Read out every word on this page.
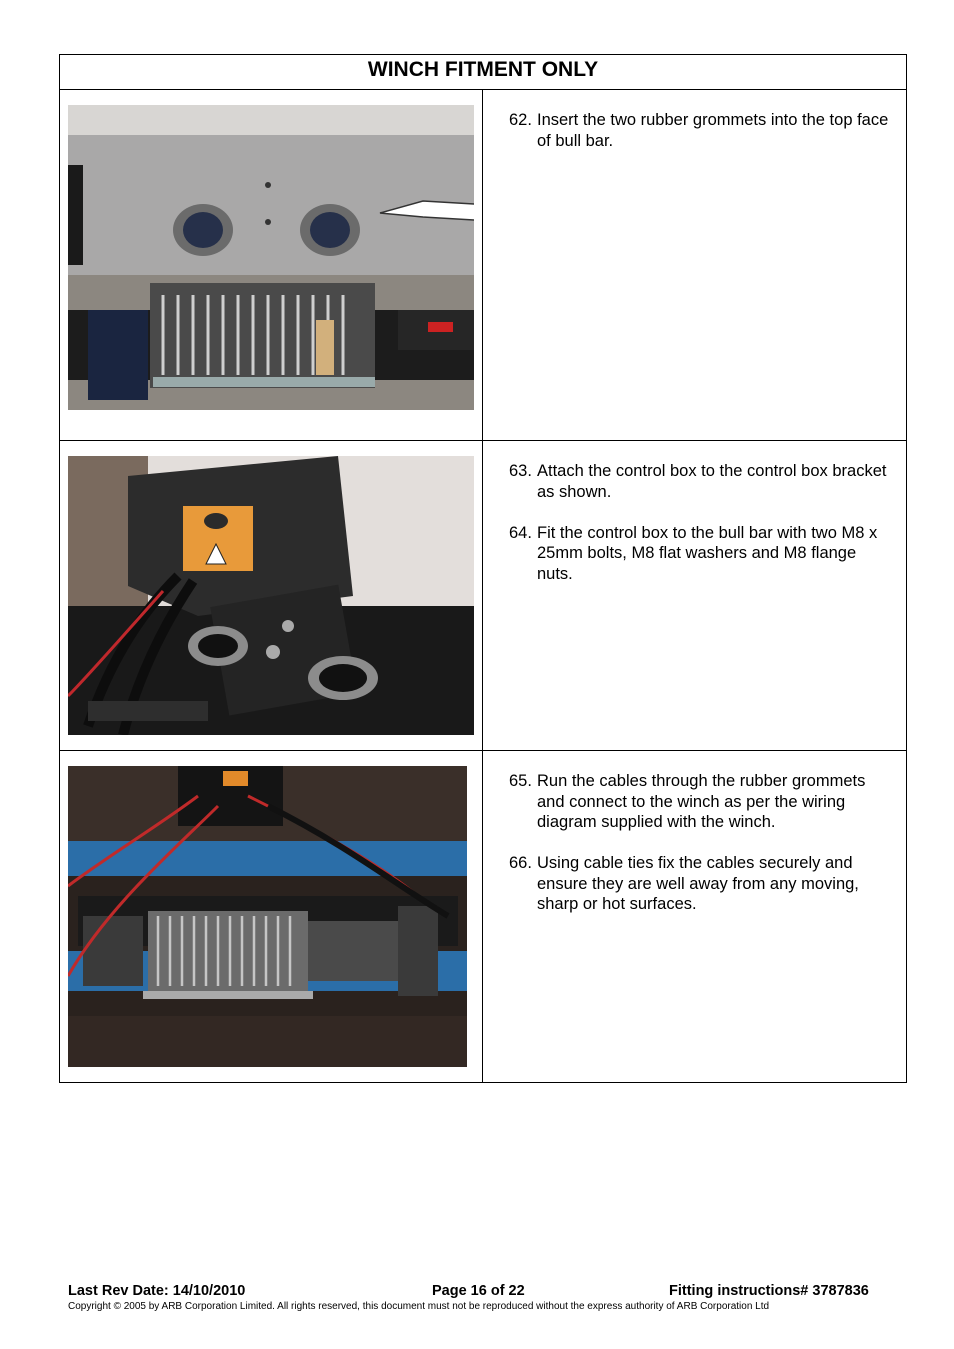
WINCH FITMENT ONLY
62. Insert the two rubber grommets into the top face of bull bar.
63. Attach the control box to the control box bracket as shown.
64. Fit the control box to the bull bar with two M8 x 25mm bolts, M8 flat washers and M8 flange nuts.
65. Run the cables through the rubber grommets and connect to the winch as per the wiring diagram supplied with the winch.
66. Using cable ties fix the cables securely and ensure they are well away from any moving, sharp or hot surfaces.
Last Rev Date: 14/10/2010	Page 16 of 22	Fitting instructions# 3787836
Copyright © 2005 by ARB Corporation Limited. All rights reserved, this document must not be reproduced without the express authority of ARB Corporation Ltd
